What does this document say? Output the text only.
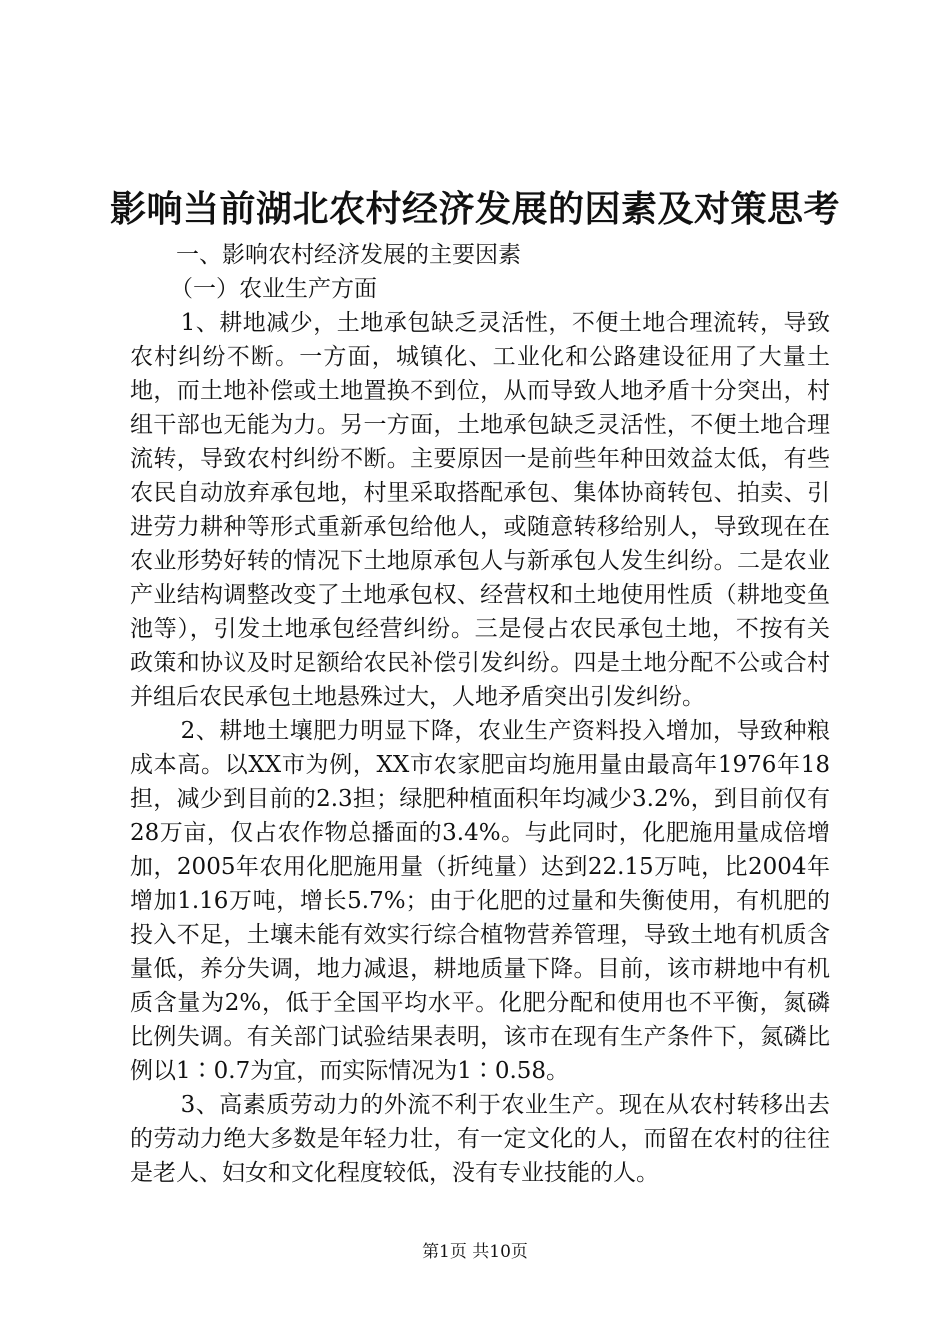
影响当前湖北农村经济发展的因素及对策思考

一、影响农村经济发展的主要因素

（一）农业生产方面

1、耕地减少，土地承包缺乏灵活性，不便土地合理流转，导致农村纠纷不断。一方面，城镇化、工业化和公路建设征用了大量土地，而土地补偿或土地置换不到位，从而导致人地矛盾十分突出，村组干部也无能为力。另一方面，土地承包缺乏灵活性，不便土地合理流转，导致农村纠纷不断。主要原因一是前些年种田效益太低，有些农民自动放弃承包地，村里采取搭配承包、集体协商转包、拍卖、引进劳力耕种等形式重新承包给他人，或随意转移给别人，导致现在在农业形势好转的情况下土地原承包人与新承包人发生纠纷。二是农业产业结构调整改变了土地承包权、经营权和土地使用性质（耕地变鱼池等），引发土地承包经营纠纷。三是侵占农民承包土地，不按有关政策和协议及时足额给农民补偿引发纠纷。四是土地分配不公或合村并组后农民承包土地悬殊过大，人地矛盾突出引发纠纷。

2、耕地土壤肥力明显下降，农业生产资料投入增加，导致种粮成本高。以XX市为例，XX市农家肥亩均施用量由最高年1976年18担，减少到目前的2.3担；绿肥种植面积年均减少3.2%，到目前仅有28万亩，仅占农作物总播面的3.4%。与此同时，化肥施用量成倍增加，2005年农用化肥施用量（折纯量）达到22.15万吨，比2004年增加1.16万吨，增长5.7%；由于化肥的过量和失衡使用，有机肥的投入不足，土壤未能有效实行综合植物营养管理，导致土地有机质含量低，养分失调，地力减退，耕地质量下降。目前，该市耕地中有机质含量为2%，低于全国平均水平。化肥分配和使用也不平衡，氮磷比例失调。有关部门试验结果表明，该市在现有生产条件下，氮磷比例以1∶0.7为宜，而实际情况为1∶0.58。

3、高素质劳动力的外流不利于农业生产。现在从农村转移出去的劳动力绝大多数是年轻力壮，有一定文化的人，而留在农村的往往是老人、妇女和文化程度较低，没有专业技能的人。

第1页 共10页
